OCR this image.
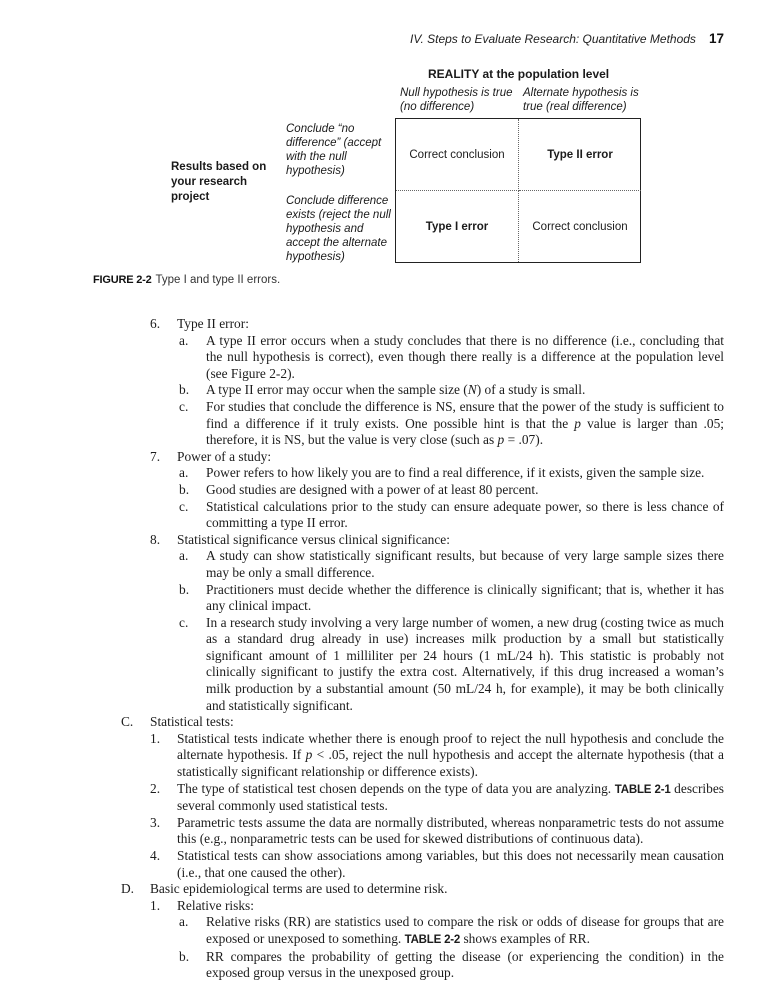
IV. Steps to Evaluate Research: Quantitative Methods 17
REALITY at the population level
Null hypothesis is true (no difference)
Alternate hypothesis is true (real difference)
Results based on your research project
Conclude “no difference” (accept with the null hypothesis)
Conclude difference exists (reject the null hypothesis and accept the alternate hypothesis)
Correct conclusion	Type II error
Type I error	Correct conclusion
FIGURE 2-2 Type I and type II errors.
6. Type II error:
a. A type II error occurs when a study concludes that there is no difference (i.e., concluding that the null hypothesis is correct), even though there really is a difference at the population level (see Figure 2-2).
b. A type II error may occur when the sample size (N) of a study is small.
c. For studies that conclude the difference is NS, ensure that the power of the study is sufficient to find a difference if it truly exists. One possible hint is that the p value is larger than .05; therefore, it is NS, but the value is very close (such as p = .07).
7. Power of a study:
a. Power refers to how likely you are to find a real difference, if it exists, given the sample size.
b. Good studies are designed with a power of at least 80 percent.
c. Statistical calculations prior to the study can ensure adequate power, so there is less chance of committing a type II error.
8. Statistical significance versus clinical significance:
a. A study can show statistically significant results, but because of very large sample sizes there may be only a small difference.
b. Practitioners must decide whether the difference is clinically significant; that is, whether it has any clinical impact.
c. In a research study involving a very large number of women, a new drug (costing twice as much as a standard drug already in use) increases milk production by a small but statistically significant amount of 1 milliliter per 24 hours (1 mL/24 h). This statistic is probably not clinically significant to justify the extra cost. Alternatively, if this drug increased a woman’s milk production by a substantial amount (50 mL/24 h, for example), it may be both clinically and statistically significant.
C. Statistical tests:
1. Statistical tests indicate whether there is enough proof to reject the null hypothesis and conclude the alternate hypothesis. If p < .05, reject the null hypothesis and accept the alternate hypothesis (that a statistically significant relationship or difference exists).
2. The type of statistical test chosen depends on the type of data you are analyzing. TABLE 2-1 describes several commonly used statistical tests.
3. Parametric tests assume the data are normally distributed, whereas nonparametric tests do not assume this (e.g., nonparametric tests can be used for skewed distributions of continuous data).
4. Statistical tests can show associations among variables, but this does not necessarily mean causation (i.e., that one caused the other).
D. Basic epidemiological terms are used to determine risk.
1. Relative risks:
a. Relative risks (RR) are statistics used to compare the risk or odds of disease for groups that are exposed or unexposed to something. TABLE 2-2 shows examples of RR.
b. RR compares the probability of getting the disease (or experiencing the condition) in the exposed group versus in the unexposed group.
